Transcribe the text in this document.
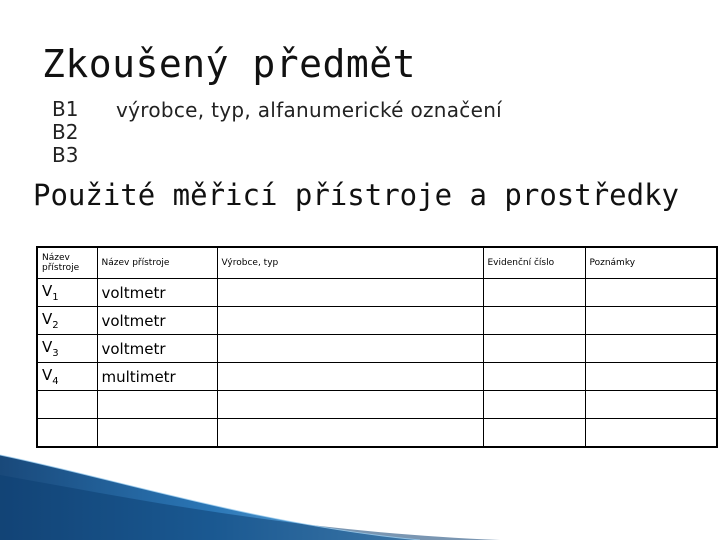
Zkoušený předmět
B1
B2
B3
výrobce, typ, alfanumerické označení
Použité měřicí přístroje a prostředky
Název přístroje	Název přístroje	Výrobce, typ	Evidenční číslo	Poznámky
$V_1$	voltmetr			
$V_2$	voltmetr			
$V_3$	voltmetr			
$V_4$	multimetr			
